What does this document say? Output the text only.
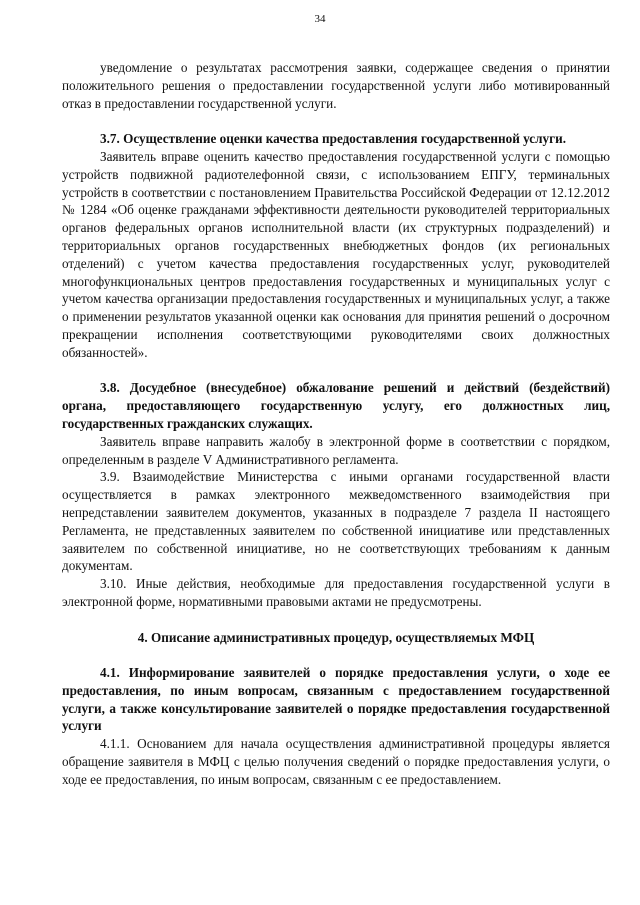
34

уведомление о результатах рассмотрения заявки, содержащее сведения о принятии положительного решения о предоставлении государственной услуги либо мотивированный отказ в предоставлении государственной услуги.

3.7. Осуществление оценки качества предоставления государственной услуги.

Заявитель вправе оценить качество предоставления государственной услуги с помощью устройств подвижной радиотелефонной связи, с использованием ЕПГУ, терминальных устройств в соответствии с постановлением Правительства Российской Федерации от 12.12.2012 № 1284 «Об оценке гражданами эффективности деятельности руководителей территориальных органов федеральных органов исполнительной власти (их структурных подразделений) и территориальных органов государственных внебюджетных фондов (их региональных отделений) с учетом качества предоставления государственных услуг, руководителей многофункциональных центров предоставления государственных и муниципальных услуг с учетом качества организации предоставления государственных и муниципальных услуг, а также о применении результатов указанной оценки как основания для принятия решений о досрочном прекращении исполнения соответствующими руководителями своих должностных обязанностей».

3.8. Досудебное (внесудебное) обжалование решений и действий (бездействий) органа, предоставляющего государственную услугу, его должностных лиц, государственных гражданских служащих.

Заявитель вправе направить жалобу в электронной форме в соответствии с порядком, определенным в разделе V Административного регламента.

3.9. Взаимодействие Министерства с иными органами государственной власти осуществляется в рамках электронного межведомственного взаимодействия при непредставлении заявителем документов, указанных в подразделе 7 раздела II настоящего Регламента, не представленных заявителем по собственной инициативе или представленных заявителем по собственной инициативе, но не соответствующих требованиям к данным документам.

3.10. Иные действия, необходимые для предоставления государственной услуги в электронной форме, нормативными правовыми актами не предусмотрены.

4. Описание административных процедур, осуществляемых МФЦ

4.1. Информирование заявителей о порядке предоставления услуги, о ходе ее предоставления, по иным вопросам, связанным с предоставлением государственной услуги, а также консультирование заявителей о порядке предоставления государственной услуги

4.1.1. Основанием для начала осуществления административной процедуры является обращение заявителя в МФЦ с целью получения сведений о порядке предоставления услуги, о ходе ее предоставления, по иным вопросам, связанным с ее предоставлением.
